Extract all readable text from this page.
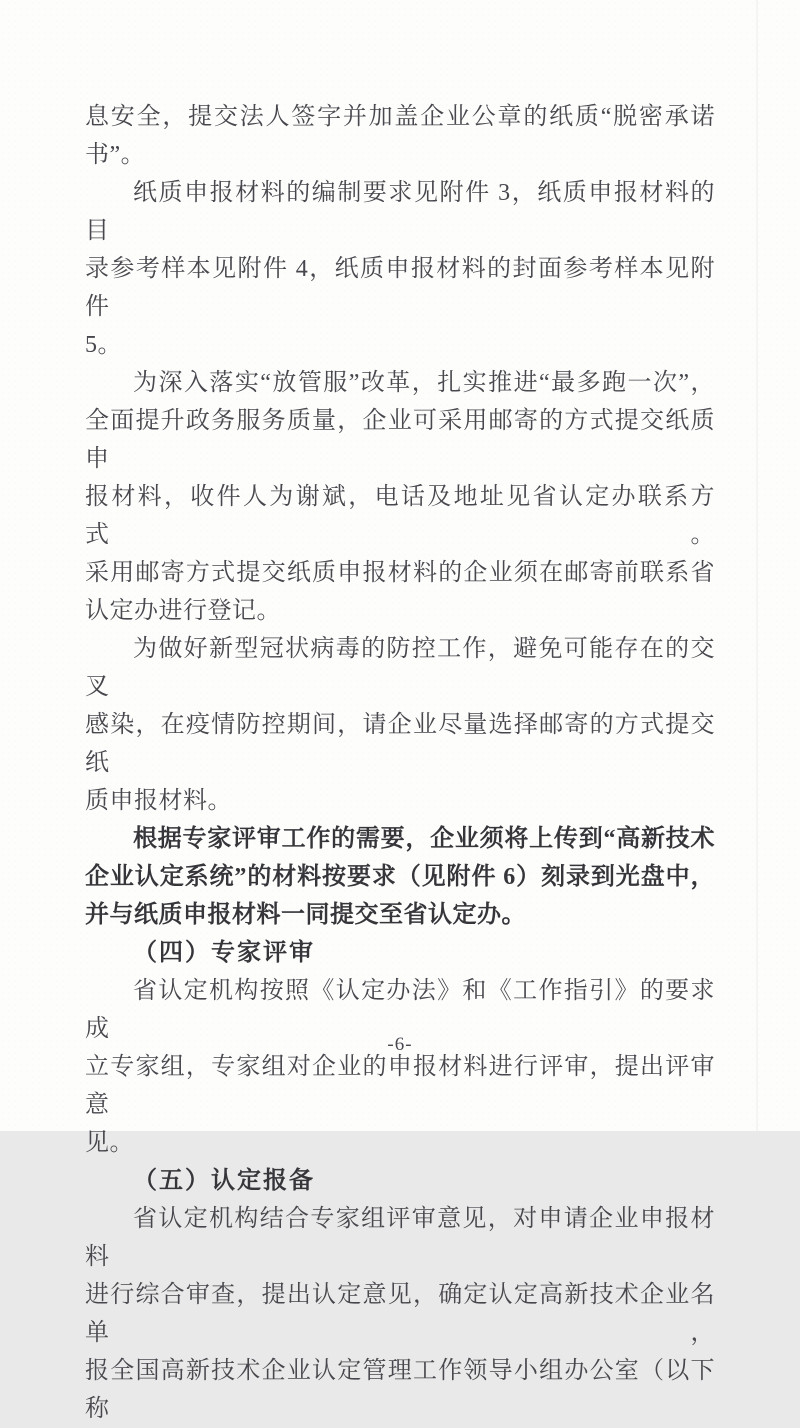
息安全，提交法人签字并加盖企业公章的纸质“脱密承诺
书”。
纸质申报材料的编制要求见附件 3，纸质申报材料的目
录参考样本见附件 4，纸质申报材料的封面参考样本见附件
5。
为深入落实“放管服”改革，扎实推进“最多跑一次”，
全面提升政务服务质量，企业可采用邮寄的方式提交纸质申
报材料，收件人为谢斌，电话及地址见省认定办联系方式。
采用邮寄方式提交纸质申报材料的企业须在邮寄前联系省
认定办进行登记。
为做好新型冠状病毒的防控工作，避免可能存在的交叉
感染，在疫情防控期间，请企业尽量选择邮寄的方式提交纸
质申报材料。
根据专家评审工作的需要，企业须将上传到“高新技术
企业认定系统”的材料按要求（见附件 6）刻录到光盘中，
并与纸质申报材料一同提交至省认定办。
（四）专家评审
省认定机构按照《认定办法》和《工作指引》的要求成
立专家组，专家组对企业的申报材料进行评审，提出评审意
见。
（五）认定报备
省认定机构结合专家组评审意见，对申请企业申报材料
进行综合审查，提出认定意见，确定认定高新技术企业名单，
报全国高新技术企业认定管理工作领导小组办公室（以下称
-6-
